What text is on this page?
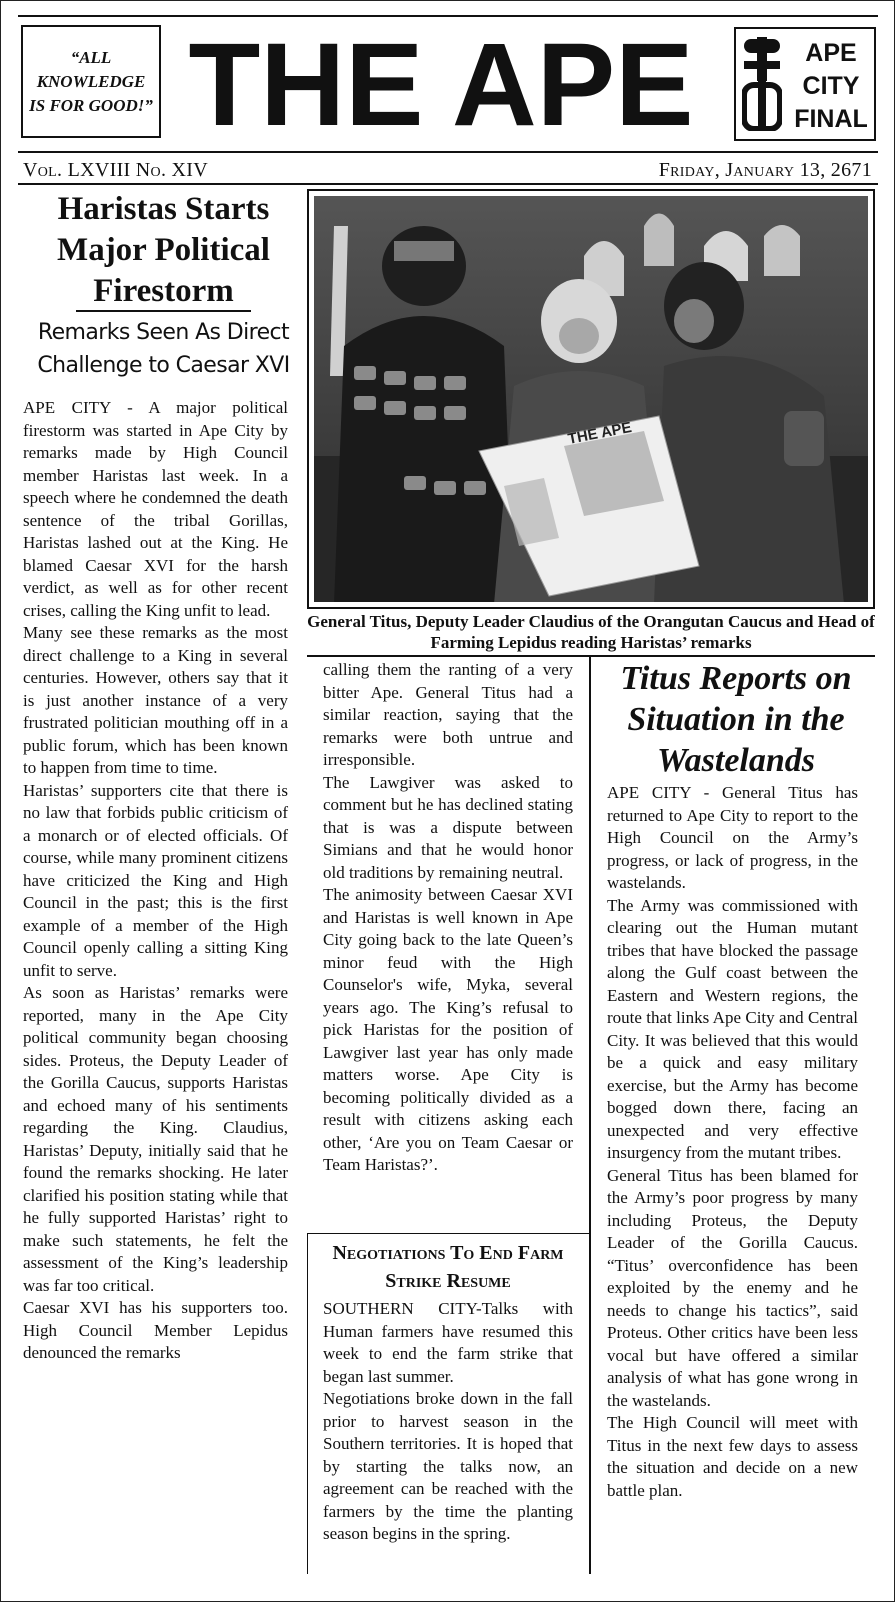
“ALL KNOWLEDGE IS FOR GOOD!” THE APE	APE
CITY
FINAL
Vol. LXVIII No. XIV	Friday, January 13, 2671
Haristas Starts Major Political Firestorm
Remarks Seen As Direct Challenge to Caesar XVI

APE CITY - A major political firestorm was started in Ape City by remarks made by High Council member Haristas last week. In a speech where he condemned the death sentence of the tribal Gorillas, Haristas lashed out at the King. He blamed Caesar XVI for the harsh verdict, as well as for other recent crises, calling the King unfit to lead.

Many see these remarks as the most direct challenge to a King in several centuries. However, others say that it is just another instance of a very frustrated politician mouthing off in a public forum, which has been known to happen from time to time.

Haristas’ supporters cite that there is no law that forbids public criticism of a monarch or of elected officials. Of course, while many prominent citizens have criticized the King and High Council in the past; this is the first example of a member of the High Council openly calling a sitting King unfit to serve.

As soon as Haristas’ remarks were reported, many in the Ape City political community began choosing sides. Proteus, the Deputy Leader of the Gorilla Caucus, supports Haristas and echoed many of his sentiments regarding the King. Claudius, Haristas’ Deputy, initially said that he found the remarks shocking. He later clarified his position stating while that he fully supported Haristas’ right to make such statements, he felt the assessment of the King’s leadership was far too critical.

Caesar XVI has his supporters too. High Council Member Lepidus denounced the remarks

THE APE
General Titus, Deputy Leader Claudius of the Orangutan Caucus and Head of Farming Lepidus reading Haristas’ remarks

calling them the ranting of a very bitter Ape. General Titus had a similar reaction, saying that the remarks were both untrue and irresponsible.

The Lawgiver was asked to comment but he has declined stating that is was a dispute between Simians and that he would honor old traditions by remaining neutral.

The animosity between Caesar XVI and Haristas is well known in Ape City going back to the late Queen’s minor feud with the High Counselor's wife, Myka, several years ago. The King’s refusal to pick Haristas for the position of Lawgiver last year has only made matters worse. Ape City is becoming politically divided as a result with citizens asking each other, ‘Are you on Team Caesar or Team Haristas?’.

Negotiations To End Farm Strike Resume

SOUTHERN CITY-Talks with Human farmers have resumed this week to end the farm strike that began last summer.

Negotiations broke down in the fall prior to harvest season in the Southern territories. It is hoped that by starting the talks now, an agreement can be reached with the farmers by the time the planting season begins in the spring.

Titus Reports on Situation in the Wastelands

APE CITY - General Titus has returned to Ape City to report to the High Council on the Army’s progress, or lack of progress, in the wastelands.

The Army was commissioned with clearing out the Human mutant tribes that have blocked the passage along the Gulf coast between the Eastern and Western regions, the route that links Ape City and Central City. It was believed that this would be a quick and easy military exercise, but the Army has become bogged down there, facing an unexpected and very effective insurgency from the mutant tribes.

General Titus has been blamed for the Army’s poor progress by many including Proteus, the Deputy Leader of the Gorilla Caucus. “Titus’ overconfidence has been exploited by the enemy and he needs to change his tactics”, said Proteus. Other critics have been less vocal but have offered a similar analysis of what has gone wrong in the wastelands.

The High Council will meet with Titus in the next few days to assess the situation and decide on a new battle plan.
